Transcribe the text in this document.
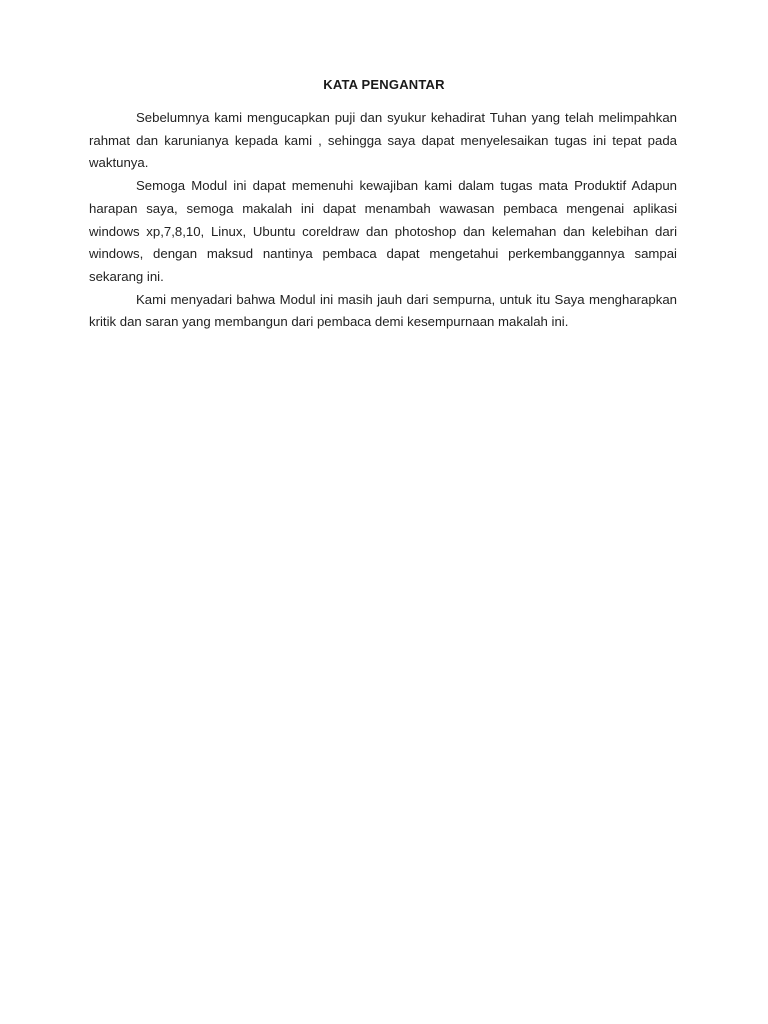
KATA PENGANTAR

Sebelumnya kami mengucapkan puji dan syukur kehadirat Tuhan yang telah melimpahkan rahmat dan karunianya kepada kami , sehingga saya dapat menyelesaikan tugas ini tepat pada waktunya.

Semoga Modul ini dapat memenuhi kewajiban kami dalam tugas mata Produktif Adapun harapan saya, semoga makalah ini dapat menambah wawasan pembaca mengenai aplikasi windows xp,7,8,10, Linux, Ubuntu coreldraw dan photoshop dan kelemahan dan kelebihan dari windows, dengan maksud nantinya pembaca dapat mengetahui perkembanggannya sampai sekarang ini.

Kami menyadari bahwa Modul ini masih jauh dari sempurna, untuk itu Saya mengharapkan kritik dan saran yang membangun dari pembaca demi kesempurnaan makalah ini.
